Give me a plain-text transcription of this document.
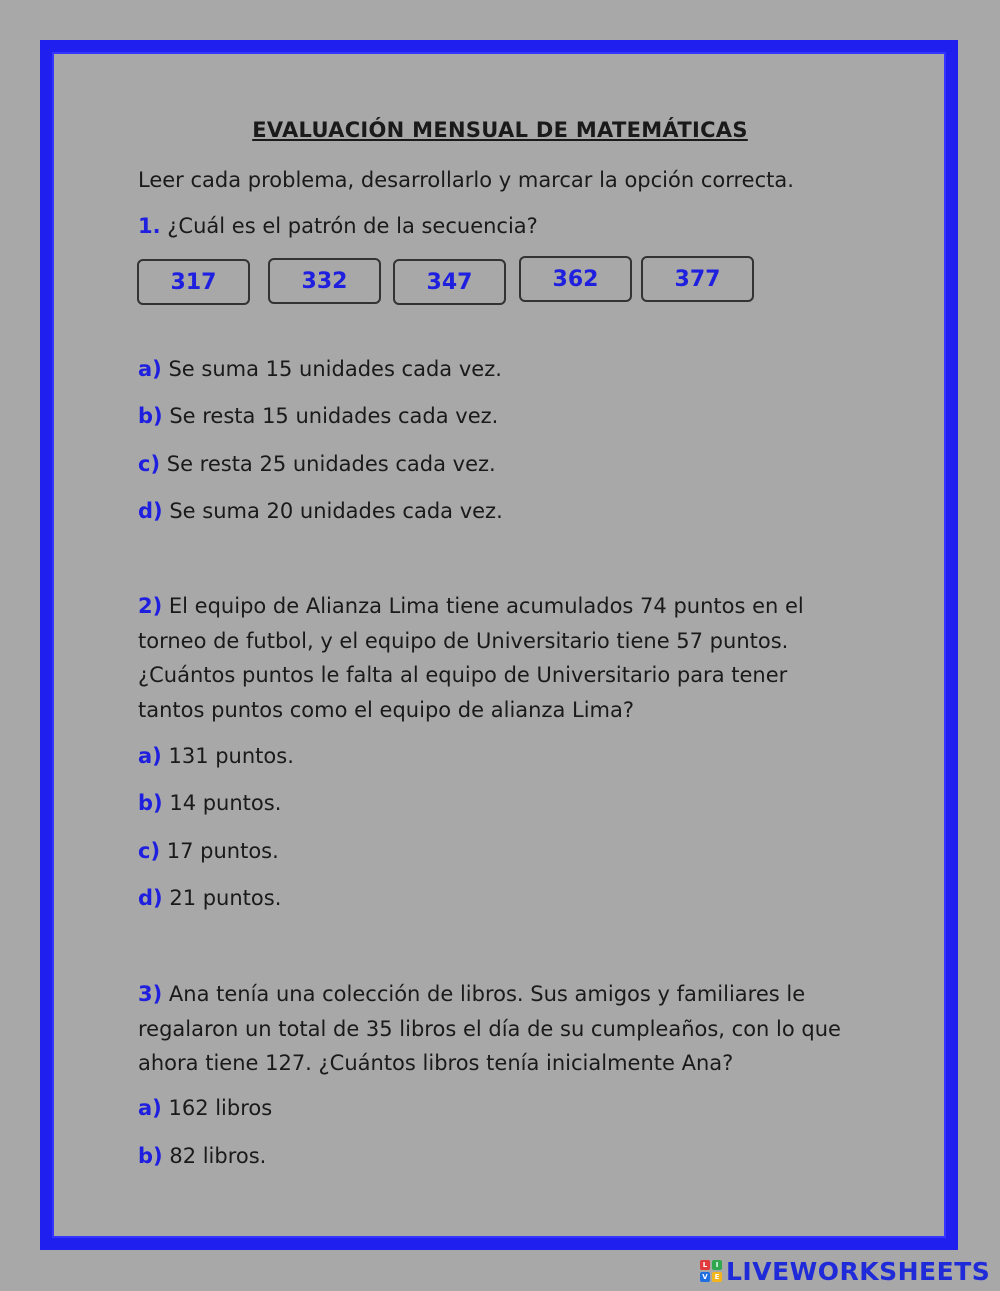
EVALUACIÓN MENSUAL DE MATEMÁTICAS
Leer cada problema, desarrollarlo y marcar la opción correcta.
1. ¿Cuál es el patrón de la secuencia?
317	332	347	362	377
a) Se suma 15 unidades cada vez.
b) Se resta 15 unidades cada vez.
c) Se resta 25 unidades cada vez.
d) Se suma 20 unidades cada vez.
2) El equipo de Alianza Lima tiene acumulados 74 puntos en el
torneo de futbol, y el equipo de Universitario tiene 57 puntos.
¿Cuántos puntos le falta al equipo de Universitario para tener
tantos puntos como el equipo de alianza Lima?
a) 131 puntos.
b) 14 puntos.
c) 17 puntos.
d) 21 puntos.
3) Ana tenía una colección de libros. Sus amigos y familiares le
regalaron un total de 35 libros el día de su cumpleaños, con lo que
ahora tiene 127. ¿Cuántos libros tenía inicialmente Ana?
a) 162 libros
b) 82 libros.
L	I
V E LIVEWORKSHEETS
